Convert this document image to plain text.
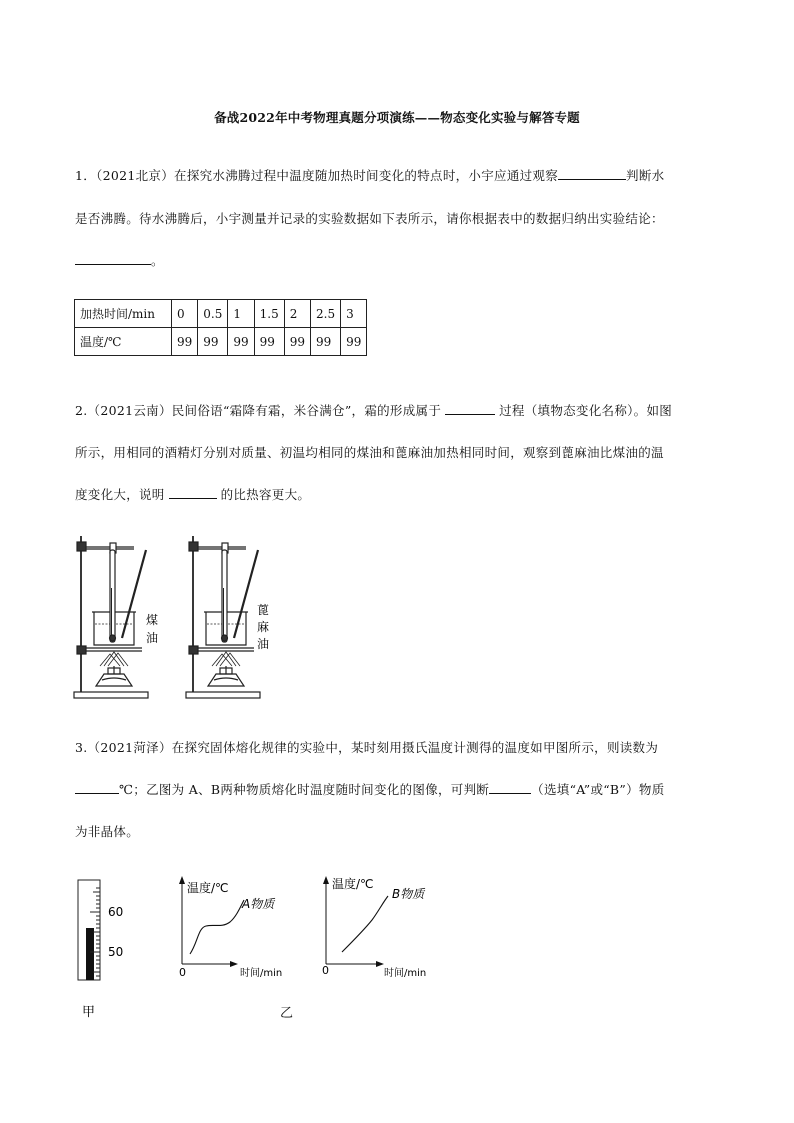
备战2022年中考物理真题分项演练——物态变化实验与解答专题
1．（2021北京）在探究水沸腾过程中温度随加热时间变化的特点时，小宇应通过观察	判断水
是否沸腾。待水沸腾后，小宇测量并记录的实验数据如下表所示，请你根据表中的数据归纳出实验结论：
。
加热时间/min	0	0.5	1	1.5	2	2.5	3
温度/℃	99	99	99	99	99	99	99
2.（2021云南）民间俗语“霜降有霜，米谷满仓”，霜的形成属于	过程（填物态变化名称）。如图
所示，用相同的酒精灯分别对质量、初温均相同的煤油和蓖麻油加热相同时间，观察到蓖麻油比煤油的温
度变化大，说明	的比热容更大。
煤
油
蓖
麻
油
3.（2021菏泽）在探究固体熔化规律的实验中，某时刻用摄氏温度计测得的温度如甲图所示，则读数为
℃；乙图为 A、B两种物质熔化时温度随时间变化的图像，可判断	（选填“A”或“B”）物质
为非晶体。
60
50
甲
温度/℃
A物质
0	时间/min
温度/℃
B物质
0	时间/min
乙
